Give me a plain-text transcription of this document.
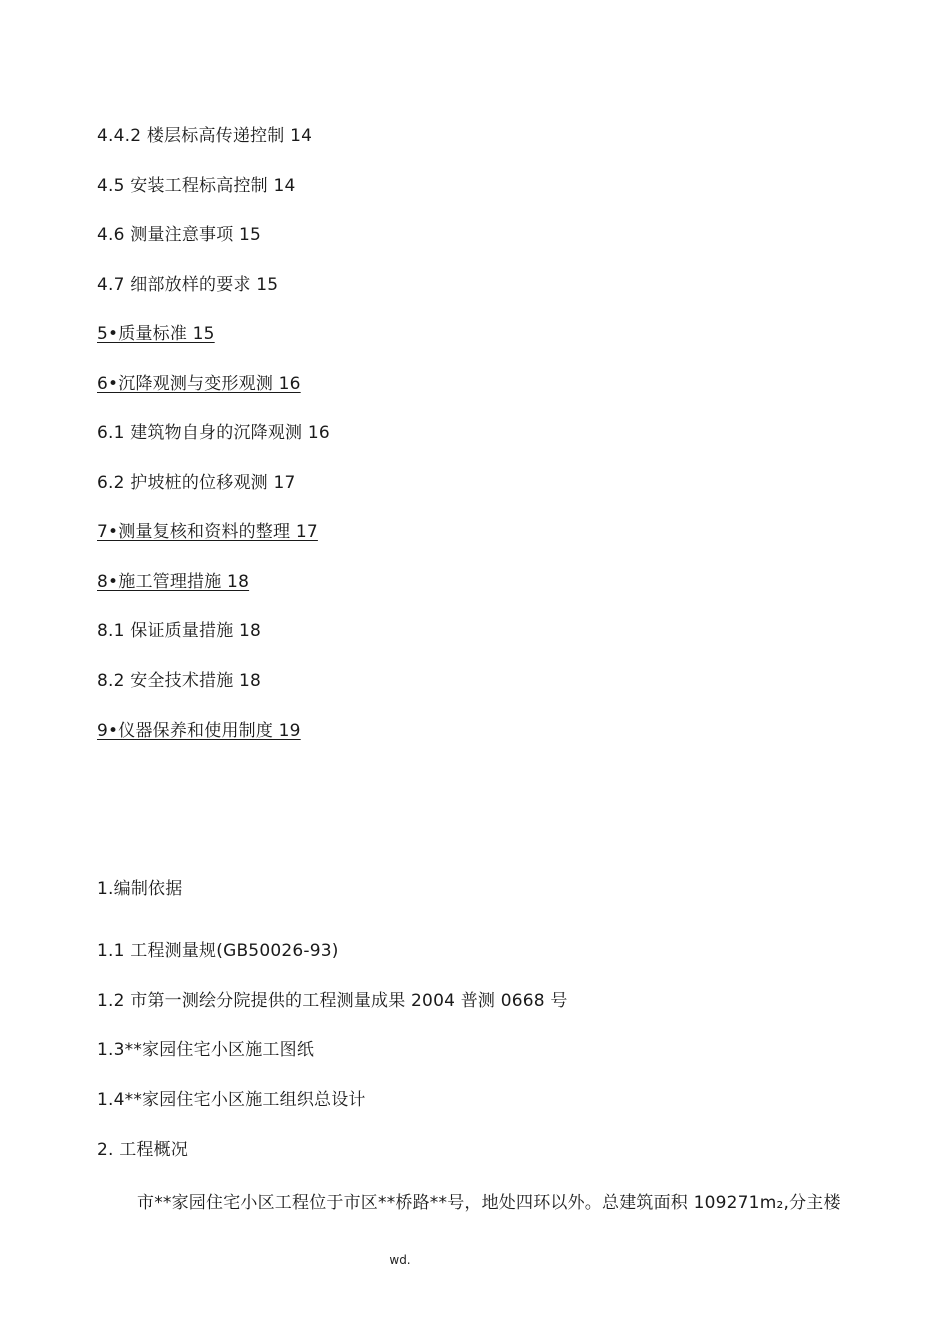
4.4.2 楼层标高传递控制 14
4.5 安装工程标高控制 14
4.6 测量注意事项 15
4.7 细部放样的要求 15
5•质量标准 15
6•沉降观测与变形观测 16
6.1 建筑物自身的沉降观测 16
6.2 护坡桩的位移观测 17
7•测量复核和资料的整理 17
8•施工管理措施 18
8.1 保证质量措施 18
8.2 安全技术措施 18
9•仪器保养和使用制度 19
1.编制依据
1.1 工程测量规(GB50026-93)
1.2 市第一测绘分院提供的工程测量成果 2004 普测 0668 号
1.3**家园住宅小区施工图纸
1.4**家园住宅小区施工组织总设计
2. 工程概况
市**家园住宅小区工程位于市区**桥路**号，地处四环以外。总建筑面积 109271m₂,分主楼
wd.
